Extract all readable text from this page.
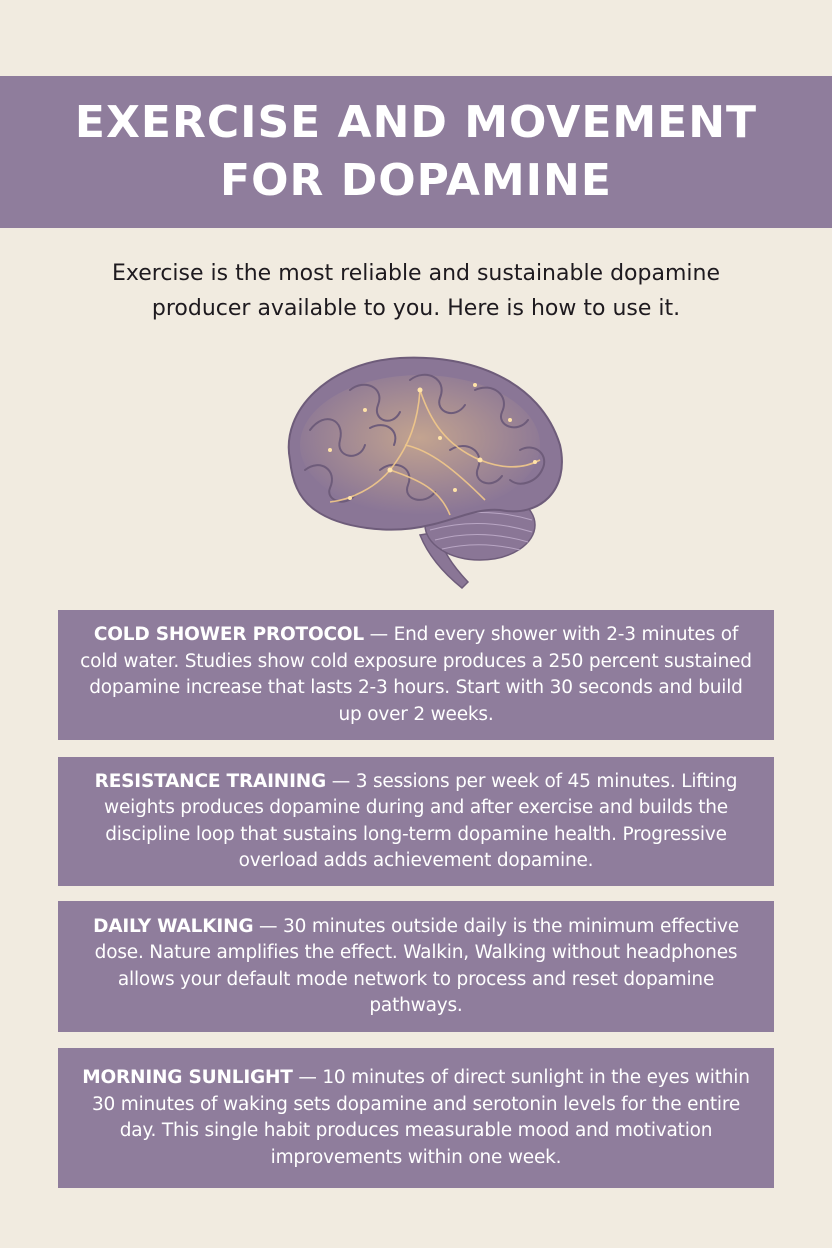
EXERCISE AND MOVEMENT
FOR DOPAMINE
Exercise is the most reliable and sustainable dopamine
producer available to you. Here is how to use it.

COLD SHOWER PROTOCOL — End every shower with 2-3 minutes of cold water. Studies show cold exposure produces a 250 percent sustained dopamine increase that lasts 2-3 hours. Start with 30 seconds and build up over 2 weeks.

RESISTANCE TRAINING — 3 sessions per week of 45 minutes. Lifting weights produces dopamine during and after exercise and builds the discipline loop that sustains long-term dopamine health. Progressive overload adds achievement dopamine.

DAILY WALKING — 30 minutes outside daily is the minimum effective dose. Nature amplifies the effect. Walkin, Walking without headphones allows your default mode network to process and reset dopamine pathways.

MORNING SUNLIGHT — 10 minutes of direct sunlight in the eyes within 30 minutes of waking sets dopamine and serotonin levels for the entire day. This single habit produces measurable mood and motivation improvements within one week.
